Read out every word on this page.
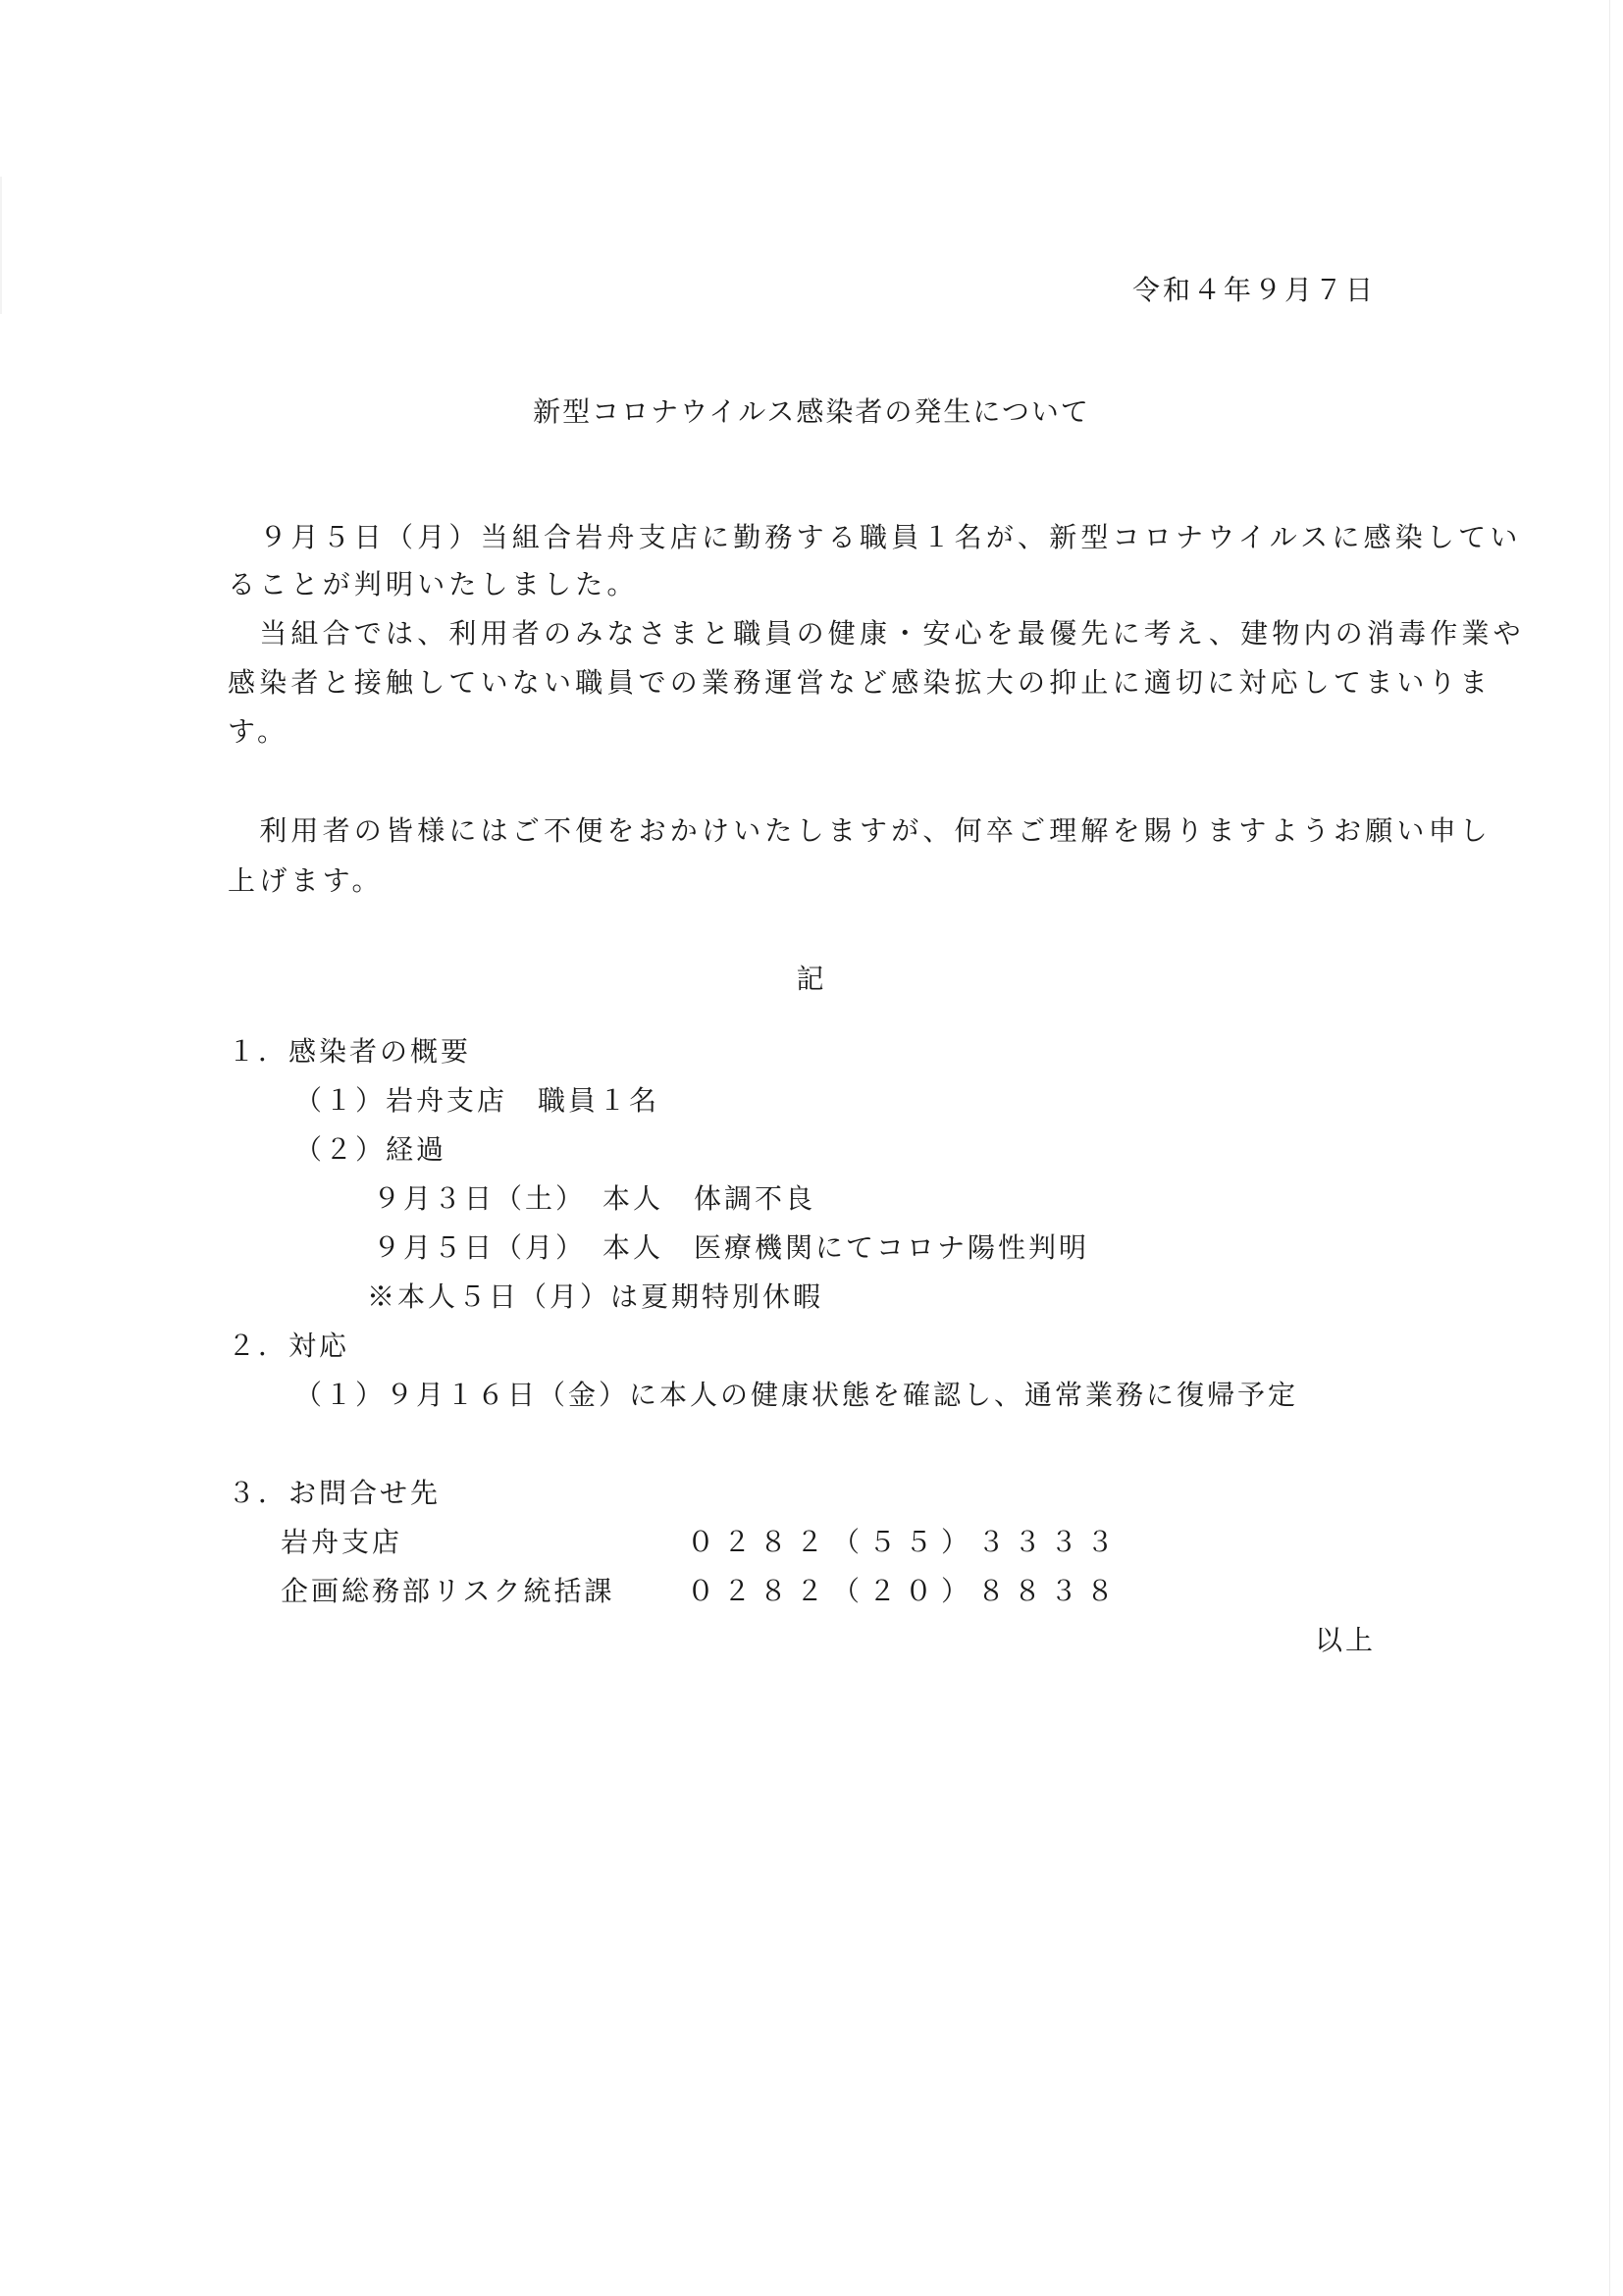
令和４年９月７日
新型コロナウイルス感染者の発生について
　９月５日（月）当組合岩舟支店に勤務する職員１名が、新型コロナウイルスに感染してい
ることが判明いたしました。
　当組合では、利用者のみなさまと職員の健康・安心を最優先に考え、建物内の消毒作業や
感染者と接触していない職員での業務運営など感染拡大の抑止に適切に対応してまいりま
す。
　利用者の皆様にはご不便をおかけいたしますが、何卒ご理解を賜りますようお願い申し
上げます。
記
１．感染者の概要
（１）岩舟支店　職員１名
（２）経過
９月３日（土）　本人　体調不良
９月５日（月）　本人　医療機関にてコロナ陽性判明
※本人５日（月）は夏期特別休暇
２．対応
（１）９月１６日（金）に本人の健康状態を確認し、通常業務に復帰予定
３．お問合せ先
岩舟支店	０２８２（５５）３３３３
企画総務部リスク統括課	０２８２（２０）８８３８
以上
